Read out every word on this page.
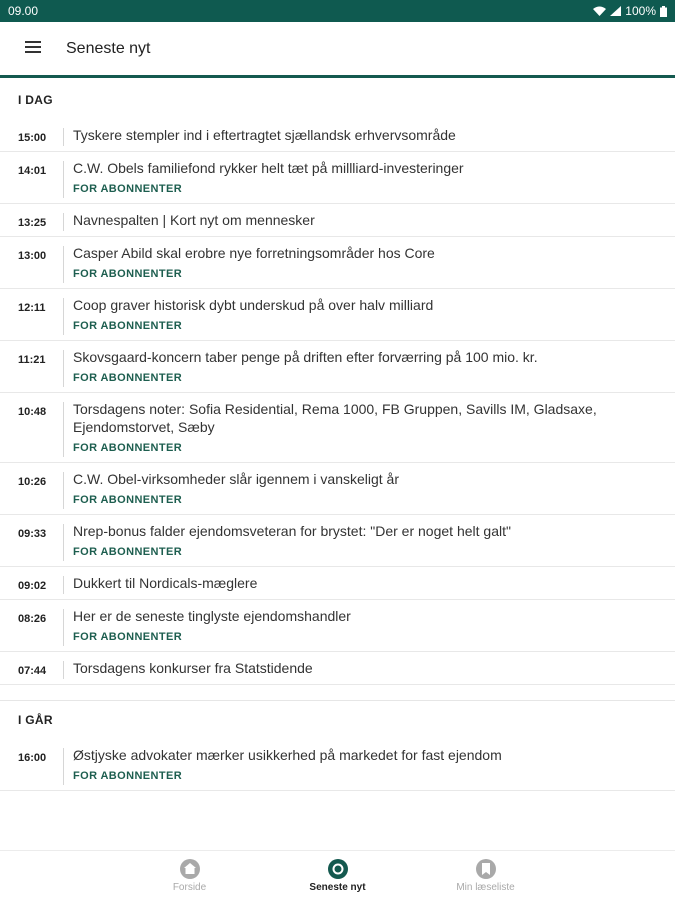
09.00	100%
Seneste nyt
I DAG
15:00	Tyskere stempler ind i eftertragtet sjællandsk erhvervsområde
14:01	C.W. Obels familiefond rykker helt tæt på millliard-investeringer
FOR ABONNENTER
13:25	Navnespalten | Kort nyt om mennesker
13:00	Casper Abild skal erobre nye forretningsområder hos Core
FOR ABONNENTER
12:11	Coop graver historisk dybt underskud på over halv milliard
FOR ABONNENTER
11:21	Skovsgaard-koncern taber penge på driften efter forværring på 100 mio. kr.
FOR ABONNENTER
10:48	Torsdagens noter: Sofia Residential, Rema 1000, FB Gruppen, Savills IM, Gladsaxe, Ejendomstorvet, Sæby
FOR ABONNENTER
10:26	C.W. Obel-virksomheder slår igennem i vanskeligt år
FOR ABONNENTER
09:33	Nrep-bonus falder ejendomsveteran for brystet: "Der er noget helt galt"
FOR ABONNENTER
09:02	Dukkert til Nordicals-mæglere
08:26	Her er de seneste tinglyste ejendomshandler
FOR ABONNENTER
07:44	Torsdagens konkurser fra Statstidende
I GÅR
16:00	Østjyske advokater mærker usikkerhed på markedet for fast ejendom
FOR ABONNENTER
Forside	Seneste nyt	Min læseliste
